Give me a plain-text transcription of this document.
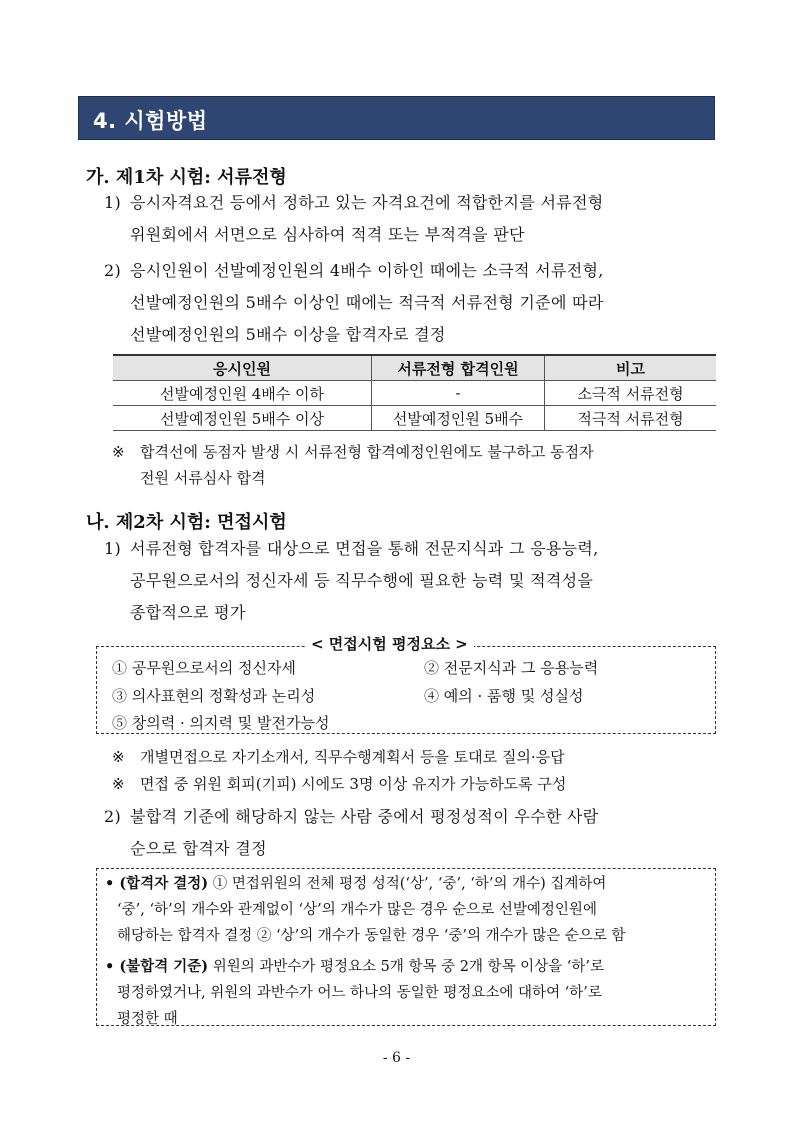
4. 시험방법
가. 제1차 시험: 서류전형
1) 응시자격요건 등에서 정하고 있는 자격요건에 적합한지를 서류전형
위원회에서 서면으로 심사하여 적격 또는 부적격을 판단
2) 응시인원이 선발예정인원의 4배수 이하인 때에는 소극적 서류전형,
선발예정인원의 5배수 이상인 때에는 적극적 서류전형 기준에 따라
선발예정인원의 5배수 이상을 합격자로 결정
응시인원	서류전형 합격인원	비고
선발예정인원 4배수 이하	-	소극적 서류전형
선발예정인원 5배수 이상	선발예정인원 5배수	적극적 서류전형
※ 합격선에 동점자 발생 시 서류전형 합격예정인원에도 불구하고 동점자
전원 서류심사 합격
나. 제2차 시험: 면접시험
1) 서류전형 합격자를 대상으로 면접을 통해 전문지식과 그 응용능력,
공무원으로서의 정신자세 등 직무수행에 필요한 능력 및 적격성을
종합적으로 평가
< 면접시험 평정요소 >
① 공무원으로서의 정신자세	② 전문지식과 그 응용능력
③ 의사표현의 정확성과 논리성	④ 예의 · 품행 및 성실성
⑤ 창의력 · 의지력 및 발전가능성
※ 개별면접으로 자기소개서, 직무수행계획서 등을 토대로 질의·응답
※ 면접 중 위원 회피(기피) 시에도 3명 이상 유지가 가능하도록 구성
2) 불합격 기준에 해당하지 않는 사람 중에서 평정성적이 우수한 사람
순으로 합격자 결정
• (합격자 결정) ① 면접위원의 전체 평정 성적(‘상’, ‘중’, ‘하’의 개수) 집계하여
‘중’, ‘하’의 개수와 관계없이 ‘상’의 개수가 많은 경우 순으로 선발예정인원에
해당하는 합격자 결정 ② ‘상’의 개수가 동일한 경우 ‘중’의 개수가 많은 순으로 함
• (불합격 기준) 위원의 과반수가 평정요소 5개 항목 중 2개 항목 이상을 ‘하’로
평정하였거나, 위원의 과반수가 어느 하나의 동일한 평정요소에 대하여 ‘하’로
평정한 때
- 6 -
